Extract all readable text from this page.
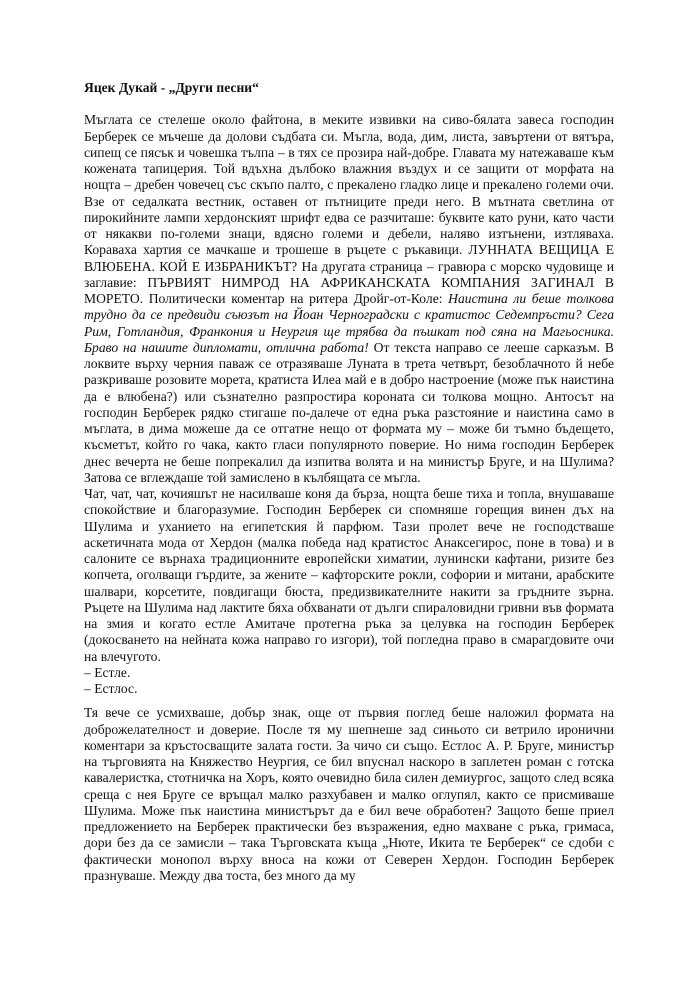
Яцек Дукай - „Други песни“

Мъглата се стелеше около файтона, в меките извивки на сиво-бялата завеса господин Берберек се мъчеше да долови съдбата си. Мъгла, вода, дим, листа, завъртени от вятъра, сипещ се пясък и човешка тълпа – в тях се прозира най-добре. Главата му натежаваше към кожената тапицерия. Той вдъхна дълбоко влажния въздух и се защити от морфата на нощта – дребен човечец със скъпо палто, с прекалено гладко лице и прекалено големи очи. Взе от седалката вестник, оставен от пътниците преди него. В мътната светлина от пирокийните лампи хердонският шрифт едва се разчиташе: буквите като руни, като части от някакви по-големи знаци, вдясно големи и дебели, наляво изтънени, изтляваха. Кораваха хартия се мачкаше и трошеше в ръцете с ръкавици. ЛУННАТА ВЕЩИЦА Е ВЛЮБЕНА. КОЙ Е ИЗБРАНИКЪТ? На другата страница – гравюра с морско чудовище и заглавие: ПЪРВИЯТ НИМРОД НА АФРИКАНСКАТА КОМПАНИЯ ЗАГИНАЛ В МОРЕТО. Политически коментар на ритера Дройг-от-Коле: Наистина ли беше толкова трудно да се предвиди съюзът на Йоан Черноградски с кратистос Седемпръсти? Сега Рим, Готландия, Франкония и Неургия ще трябва да пъшкат под сянa на Магьосника. Браво на нашите дипломати, отлична работа! От текста направо се лееше сарказъм. В локвите върху черния паваж се отразяваше Луната в трета четвърт, безоблачното й небе разкриваше розовите морета, кратиста Илеа май е в добро настроение (може пък наистина да е влюбена?) или съзнателно разпростира короната си толкова мощно. Антосът на господин Берберек рядко стигаше по-далече от една ръка разстояние и наистина само в мъглата, в дима можеше да се отгатне нещо от формата му – може би тъмно бъдещето, късметът, който го чака, както гласи популярното поверие. Но нима господин Берберек днес вечерта не беше попрекалил да изпитва волята и на министър Бруге, и на Шулима? Затова се вглеждаше той замислено в кълбящата се мъгла.

Чат, чат, чат, кочияшът не насилваше коня да бърза, нощта беше тиха и топла, внушаваше спокойствие и благоразумие. Господин Берберек си спомняше горещия винен дъх на Шулима и уханието на египетския й парфюм. Тази пролет вече не господстваше аскетичната мода от Хердон (малка победа над кратистос Анаксегирос, поне в това) и в салоните се върнаха традиционните европейски химатии, лунински кафтани, ризите без копчета, оголващи гърдите, за жените – кафторските рокли, софории и митани, арабските шалвари, корсетите, повдигащи бюста, предизвикателните накити за гръдните зърна. Ръцете на Шулима над лактите бяха обхванати от дълги спираловидни гривни във формата на змия и когато естле Амитаче протегна ръка за целувка на господин Берберек (докосването на нейната кожа направо го изгори), той погледна право в смарагдовите очи на влечугото.

– Естле.

– Естлос.

Тя вече се усмихваше, добър знак, още от първия поглед беше наложил формата на доброжелателност и доверие. После тя му шепнеше зад синьото си ветрило иронични коментари за кръстосващите залата гости. За чичо си също. Естлос А. Р. Бруге, министър на търговията на Княжество Неургия, се бил впуснал наскоро в заплетен роман с готска кавалеристка, стотничка на Хоръ, която очевидно била силен демиургос, защото след всяка среща с нея Бруге се връщал малко разхубавен и малко оглупял, както се присмиваше Шулима. Може пък наистина министърът да е бил вече обработен? Защото беше приел предложението на Берберек практически без възражения, едно махване с ръка, гримаса, дори без да се замисли – така Търговската къща „Нюте, Икита те Берберек“ се сдоби с фактически монопол върху вноса на кожи от Северен Хердон. Господин Берберек празнуваше. Между два тоста, без много да му
